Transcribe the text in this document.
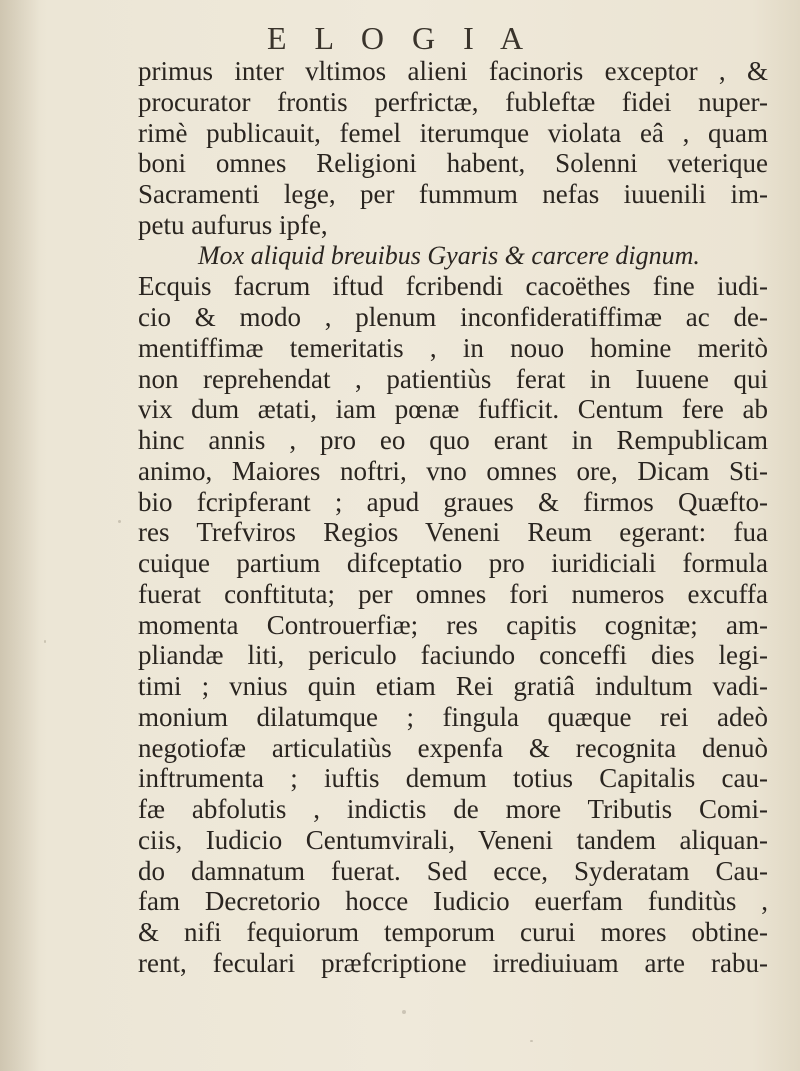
E L O G I A
primus inter vltimos alieni facinoris exceptor , &
procurator frontis perfrictæ, fubleftæ fidei nuper-
rimè publicauit, femel iterumque violata eâ , quam
boni omnes Religioni habent, Solenni veterique
Sacramenti lege, per fummum nefas iuuenili im-
petu aufurus ipfe,
Mox aliquid breuibus Gyaris & carcere dignum.
Ecquis facrum iftud fcribendi cacoëthes fine iudi-
cio & modo , plenum inconfideratiffimæ ac de-
mentiffimæ temeritatis , in nouo homine meritò
non reprehendat , patientiùs ferat in Iuuene qui
vix dum ætati, iam pœnæ fufficit. Centum fere ab
hinc annis , pro eo quo erant in Rempublicam
animo, Maiores noftri, vno omnes ore, Dicam Sti-
bio fcripferant ; apud graues & firmos Quæfto-
res Trefviros Regios Veneni Reum egerant: fua
cuique partium difceptatio pro iuridiciali formula
fuerat conftituta; per omnes fori numeros excuffa
momenta Controuerfiæ; res capitis cognitæ; am-
pliandæ liti, periculo faciundo conceffi dies legi-
timi ; vnius quin etiam Rei gratiâ indultum vadi-
monium dilatumque ; fingula quæque rei adeò
negotiofæ articulatiùs expenfa & recognita denuò
inftrumenta ; iuftis demum totius Capitalis cau-
fæ abfolutis , indictis de more Tributis Comi-
ciis, Iudicio Centumvirali, Veneni tandem aliquan-
do damnatum fuerat. Sed ecce, Syderatam Cau-
fam Decretorio hocce Iudicio euerfam funditùs ,
& nifi fequiorum temporum curui mores obtine-
rent, feculari præfcriptione irrediuiuam arte rabu-
